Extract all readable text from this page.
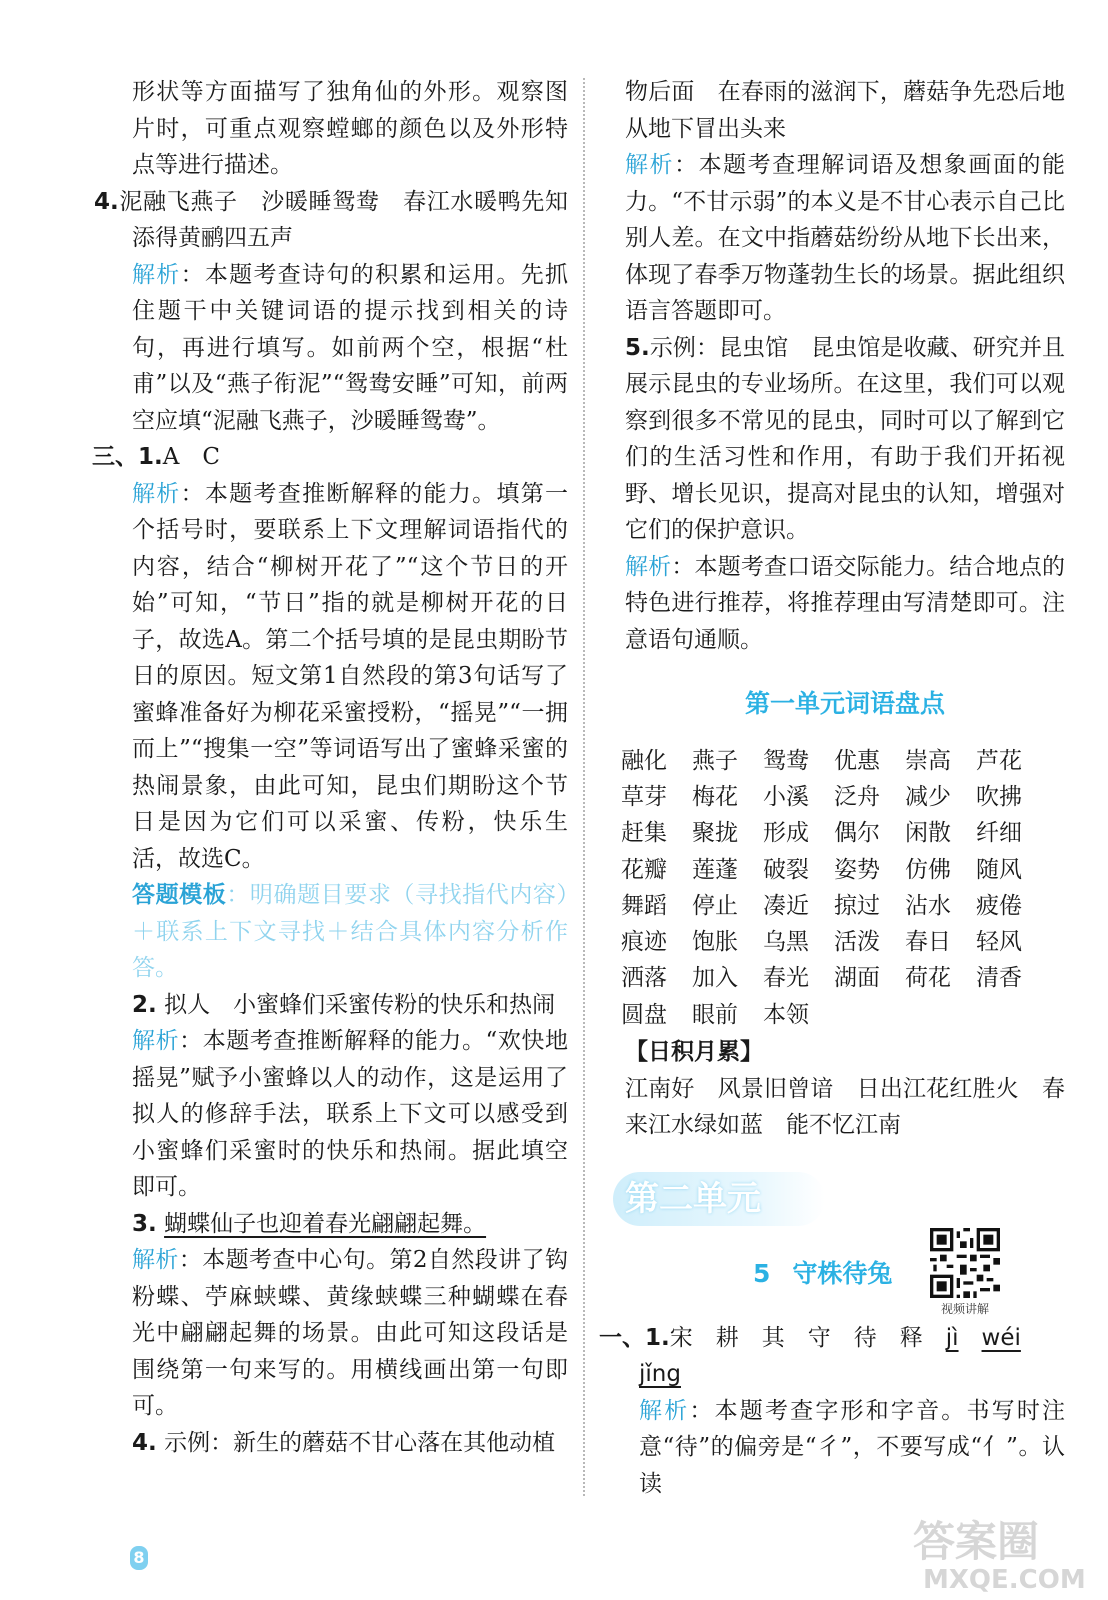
形状等方面描写了独角仙的外形。观察图片时，可重点观察螳螂的颜色以及外形特点等进行描述。

4.泥融飞燕子　沙暖睡鸳鸯　春江水暖鸭先知　添得黄鹂四五声

解析：本题考查诗句的积累和运用。先抓住题干中关键词语的提示找到相关的诗句，再进行填写。如前两个空，根据“杜甫”以及“燕子衔泥”“鸳鸯安睡”可知，前两空应填“泥融飞燕子，沙暖睡鸳鸯”。

三、1.A　C

解析：本题考查推断解释的能力。填第一个括号时，要联系上下文理解词语指代的内容，结合“柳树开花了”“这个节日的开始”可知，“节日”指的就是柳树开花的日子，故选A。第二个括号填的是昆虫期盼节日的原因。短文第1自然段的第3句话写了蜜蜂准备好为柳花采蜜授粉，“摇晃”“一拥而上”“搜集一空”等词语写出了蜜蜂采蜜的热闹景象，由此可知，昆虫们期盼这个节日是因为它们可以采蜜、传粉，快乐生活，故选C。

答题模板：明确题目要求（寻找指代内容）＋联系上下文寻找＋结合具体内容分析作答。

2. 拟人　小蜜蜂们采蜜传粉的快乐和热闹

解析：本题考查推断解释的能力。“欢快地摇晃”赋予小蜜蜂以人的动作，这是运用了拟人的修辞手法，联系上下文可以感受到小蜜蜂们采蜜时的快乐和热闹。据此填空即可。

3. 蝴蝶仙子也迎着春光翩翩起舞。

解析：本题考查中心句。第2自然段讲了钩粉蝶、苧麻蛱蝶、黄缘蛱蝶三种蝴蝶在春光中翩翩起舞的场景。由此可知这段话是围绕第一句来写的。用横线画出第一句即可。

4. 示例：新生的蘑菇不甘心落在其他动植

物后面　在春雨的滋润下，蘑菇争先恐后地从地下冒出头来

解析：本题考查理解词语及想象画面的能力。“不甘示弱”的本义是不甘心表示自己比别人差。在文中指蘑菇纷纷从地下长出来，体现了春季万物蓬勃生长的场景。据此组织语言答题即可。

5.示例：昆虫馆　昆虫馆是收藏、研究并且展示昆虫的专业场所。在这里，我们可以观察到很多不常见的昆虫，同时可以了解到它们的生活习性和作用，有助于我们开拓视野、增长见识，提高对昆虫的认知，增强对它们的保护意识。

解析：本题考查口语交际能力。结合地点的特色进行推荐，将推荐理由写清楚即可。注意语句通顺。

第一单元词语盘点
融化	燕子	鸳鸯	优惠	崇高	芦花
草芽	梅花	小溪	泛舟	减少	吹拂
赶集	聚拢	形成	偶尔	闲散	纤细
花瓣	莲蓬	破裂	姿势	仿佛	随风
舞蹈	停止	凑近	掠过	沾水	疲倦
痕迹	饱胀	乌黑	活泼	春日	轻风
洒落	加入	春光	湖面	荷花	清香
圆盘	眼前	本领			

【日积月累】

江南好　风景旧曾谙　日出江花红胜火　春来江水绿如蓝　能不忆江南

第二单元
5 守株待兔
视频讲解

一、1.宋　耕　其　守　待　释　 jì　 wéi

jǐng

解析：本题考查字形和字音。书写时注意“待”的偏旁是“彳”，不要写成“亻”。认读

8	答案圈
MXQE.COM
